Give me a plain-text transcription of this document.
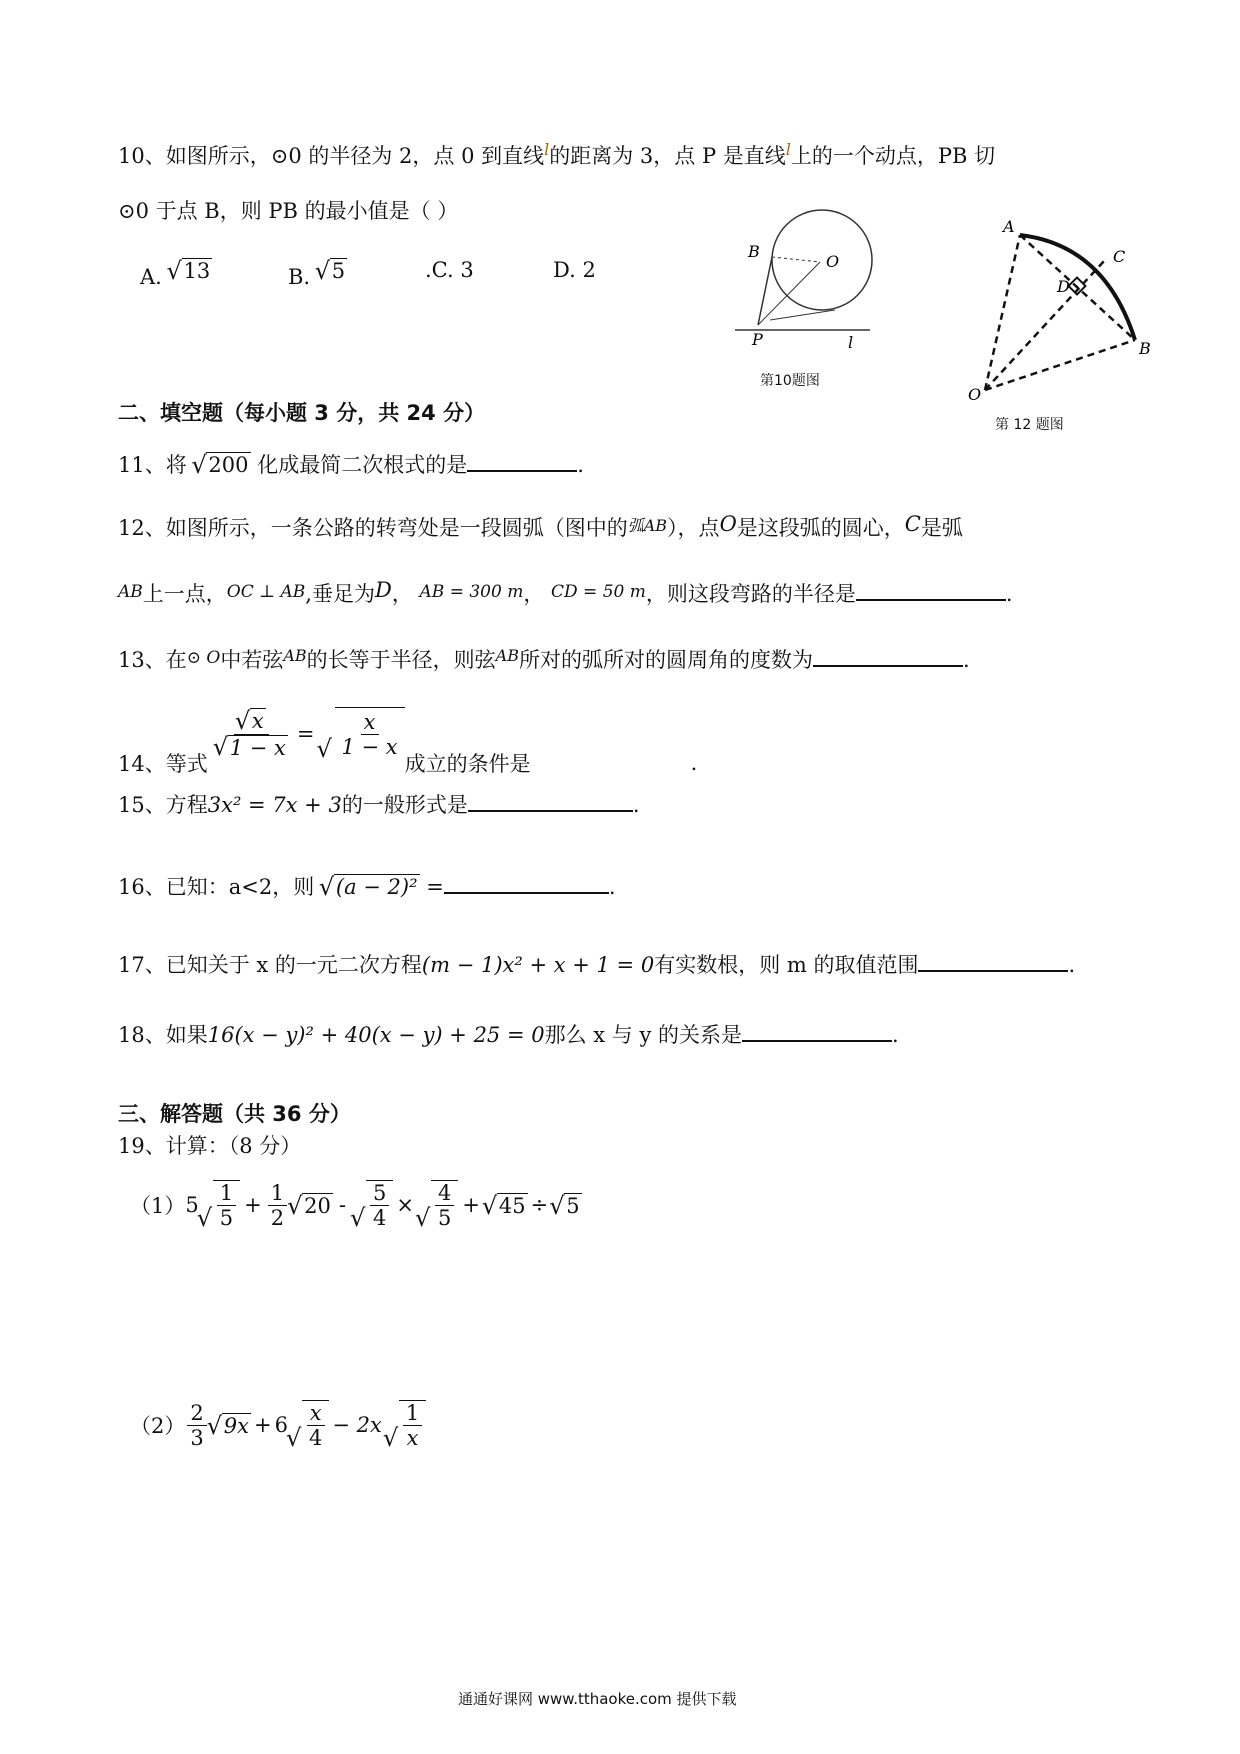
10、如图所示，⊙0 的半径为 2，点 0 到直线$^l$的距离为 3，点 P 是直线$^l$上的一个动点，PB 切
⊙0 于点 B，则 PB 的最小值是（ ）
A. √ 13	B. √ 5	.C. 3	D. 2
B
O
P	l
第10题图
A
C
D
B
O
第 12 题图
二、填空题（每小题 3 分，共 24 分）
11、将 √ 200 化成最简二次根式的是	.
12、如图所示，一条公路的转弯处是一段圆弧（图中的弧AB），点O是这段弧的圆心，C是弧
AB上一点，OC ⊥ AB,垂足为D， AB = 300 m， CD = 50 m，则这段弯路的半径是	.
13、在⊙ O中若弦$^{AB}$的长等于半径，则弦$^{AB}$所对的弧所对的圆周角的度数为	.
14、等式
√ x
√ 1 − x = √ $\frac{x}{1 - x}$
成立的条件是	.
15、方程3x² = 7x + 3的一般形式是	.
16、已知：a<2，则 √ (a − 2)² =	.
17、已知关于 x 的一元二次方程(m − 1)x² + x + 1 = 0有实数根，则 m 的取值范围	.
18、如果16(x − y)² + 40(x − y) + 25 = 0那么 x 与 y 的关系是	.
三、解答题（共 36 分）
19、计算：（8 分）
（1） 5 √ $\frac{1}{5} + \frac{1}{2}$ √ 20 - √ $\frac{5}{4}$ × √ $\frac{4}{5}$ + √ 45 ÷ √ 5
$(2) \frac{2}{3}$ √ 9x + 6 √ $\frac{x}{4} - 2x$ √ $\frac{1}{x}$
通通好课网 www.tthaoke.com 提供下载
